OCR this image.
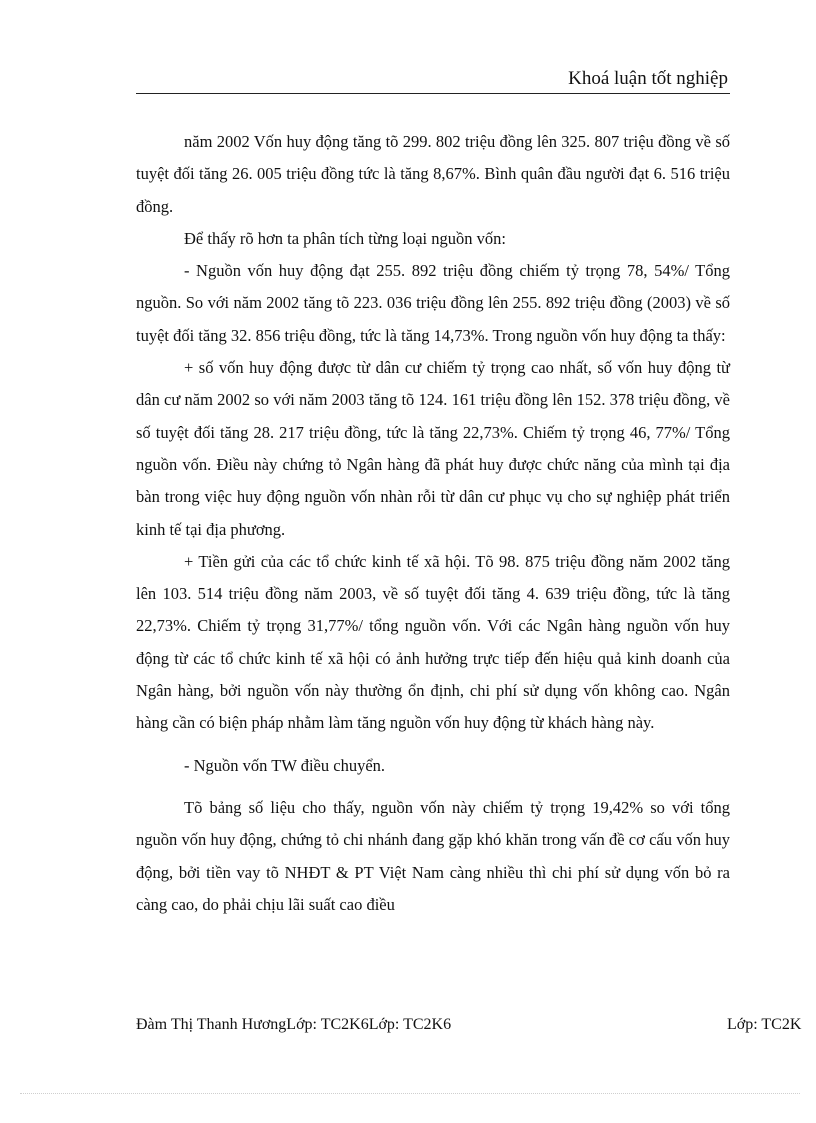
Khoá luận tốt nghiệp

năm 2002 Vốn huy động tăng tõ 299. 802 triệu đồng lên 325. 807 triệu đồng về số tuyệt đối tăng 26. 005 triệu đồng tức là tăng 8,67%. Bình quân đầu người đạt 6. 516 triệu đồng.

Để thấy rõ hơn ta phân tích từng loại nguồn vốn:

- Nguồn vốn huy động đạt 255. 892 triệu đồng chiếm tỷ trọng 78, 54%/ Tổng nguồn. So với năm 2002 tăng tõ 223. 036 triệu đồng lên 255. 892 triệu đồng (2003) về số tuyệt đối tăng 32. 856 triệu đồng, tức là tăng 14,73%. Trong nguồn vốn huy động ta thấy:

+ số vốn huy động được từ dân cư chiếm tỷ trọng cao nhất, số vốn huy động từ dân cư năm 2002 so với năm 2003 tăng tõ 124. 161 triệu đồng lên 152. 378 triệu đồng, về số tuyệt đối tăng 28. 217 triệu đồng, tức là tăng 22,73%. Chiếm tỷ trọng 46, 77%/ Tổng nguồn vốn. Điều này chứng tỏ Ngân hàng đã phát huy được chức năng của mình tại địa bàn trong việc huy động nguồn vốn nhàn rỗi từ dân cư phục vụ cho sự nghiệp phát triển kinh tế tại địa phương.

+ Tiền gửi của các tổ chức kinh tế xã hội. Tõ 98. 875 triệu đồng năm 2002 tăng lên 103. 514 triệu đồng năm 2003, về số tuyệt đối tăng 4. 639 triệu đồng, tức là tăng 22,73%. Chiếm tỷ trọng 31,77%/ tổng nguồn vốn. Với các Ngân hàng nguồn vốn huy động từ các tổ chức kinh tế xã hội có ảnh hưởng trực tiếp đến hiệu quả kinh doanh của Ngân hàng, bởi nguồn vốn này thường ổn định, chi phí sử dụng vốn không cao. Ngân hàng cần có biện pháp nhằm làm tăng nguồn vốn huy động từ khách hàng này.

- Nguồn vốn TW điều chuyển.

Tõ bảng số liệu cho thấy, nguồn vốn này chiếm tỷ trọng 19,42% so với tổng nguồn vốn huy động, chứng tỏ chi nhánh đang gặp khó khăn trong vấn đề cơ cấu vốn huy động, bởi tiền vay tõ NHĐT & PT Việt Nam càng nhiều thì chi phí sử dụng vốn bỏ ra càng cao, do phải chịu lãi suất cao điều

Đàm Thị Thanh HươngLớp: TC2K6Lớp: TC2K6	Lớp: TC2K
